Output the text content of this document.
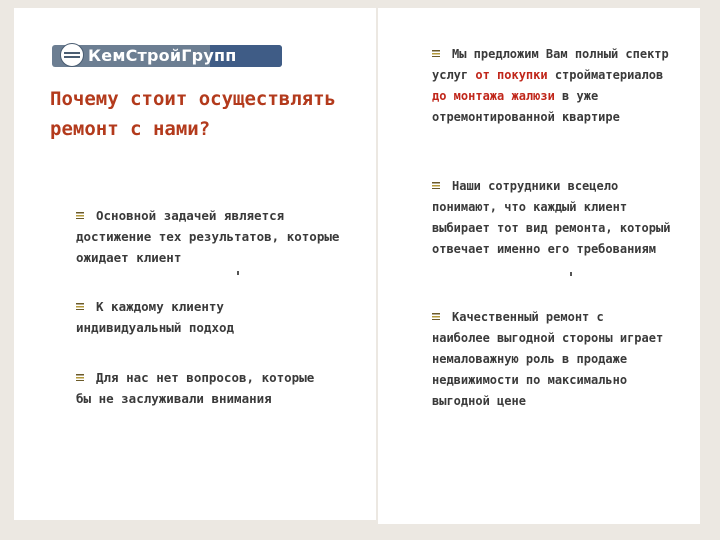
КемСтройГрупп
Почему стоит осуществлять ремонт с нами?
Основной задачей является достижение тех результатов, которые ожидает клиент
К каждому клиенту индивидуальный подход
Для нас нет вопросов, которые бы не заслуживали внимания
Мы предложим Вам полный спектр услуг от покупки стройматериалов до монтажа жалюзи в уже отремонтированной квартире
Наши сотрудники всецело понимают, что каждый клиент выбирает тот вид ремонта, который отвечает именно его требованиям
Качественный ремонт с наиболее выгодной стороны играет немаловажную роль в продаже недвижимости по максимально выгодной цене
